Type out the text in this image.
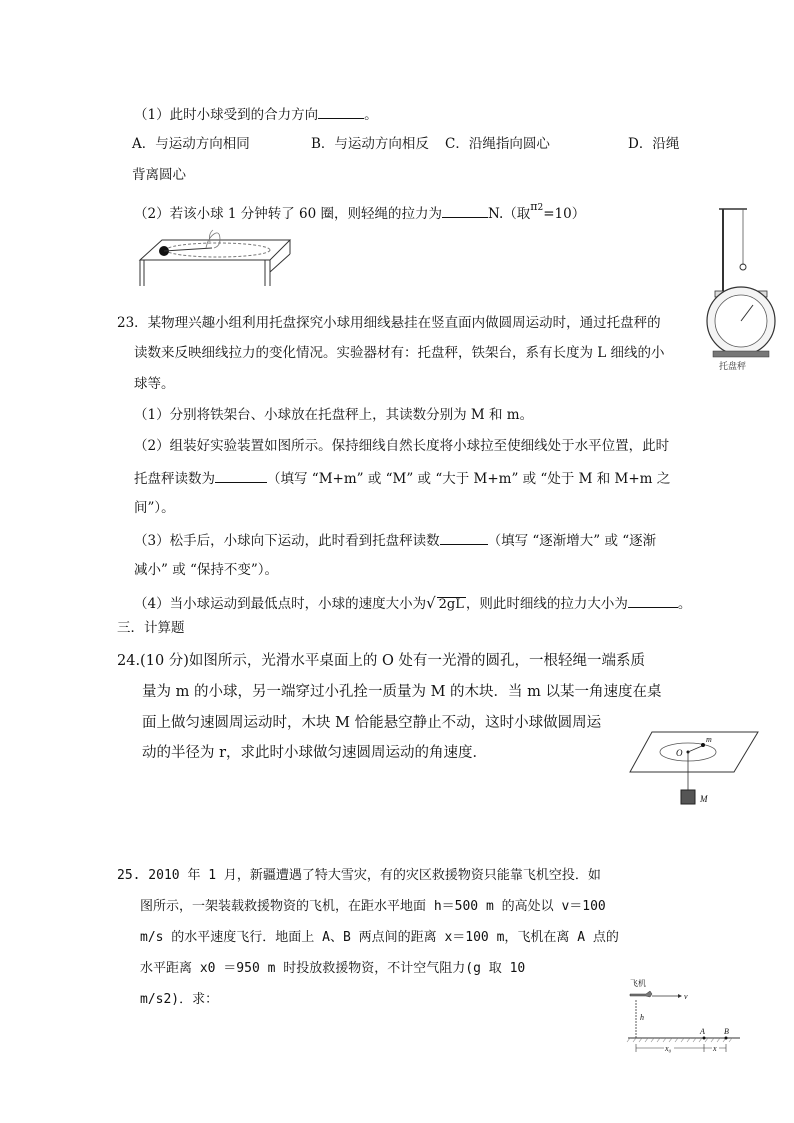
（1）此时小球受到的合力方向	。
A．与运动方向相同	B．与运动方向相反 C．沿绳指向圆心	D．沿绳
背离圆心
（2）若该小球 1 分钟转了 60 圈，则轻绳的拉力为	N.（取$^{\pi 2}$=10）
23．某物理兴趣小组利用托盘探究小球用细线悬挂在竖直面内做圆周运动时，通过托盘秤的
读数来反映细线拉力的变化情况。实验器材有：托盘秤，铁架台，系有长度为 L 细线的小
球等。
（1）分别将铁架台、小球放在托盘秤上，其读数分别为 M 和 m。
（2）组装好实验装置如图所示。保持细线自然长度将小球拉至使细线处于水平位置，此时
托盘秤读数为	（填写 “M+m” 或 “M” 或 “大于 M+m” 或 “处于 M 和 M+m 之
间”）。
（3）松手后，小球向下运动，此时看到托盘秤读数	（填写 “逐渐增大” 或 “逐渐
减小” 或 “保持不变”）。
（4）当小球运动到最低点时，小球的速度大小为√ 2gL ，则此时细线的拉力大小为	。
托盘秤
三．计算题
24.(10 分)如图所示，光滑水平桌面上的 O 处有一光滑的圆孔，一根轻绳一端系质
量为 m 的小球，另一端穿过小孔拴一质量为 M 的木块．当 m 以某一角速度在桌
面上做匀速圆周运动时，木块 M 恰能悬空静止不动，这时小球做圆周运
动的半径为 r，求此时小球做匀速圆周运动的角速度．	O
m
M
25. 2010 年 1 月，新疆遭遇了特大雪灾，有的灾区救援物资只能靠飞机空投．如
图所示，一架装载救援物资的飞机，在距水平地面 h＝500 m 的高处以 v＝100
m/s 的水平速度飞行．地面上 A、B 两点间的距离 x＝100 m，飞机在离 A 点的
水平距离 x0 ＝950 m 时投放救援物资，不计空气阻力(g 取 10
m/s2)．求：
飞机
v
h
A B
x₀	x
